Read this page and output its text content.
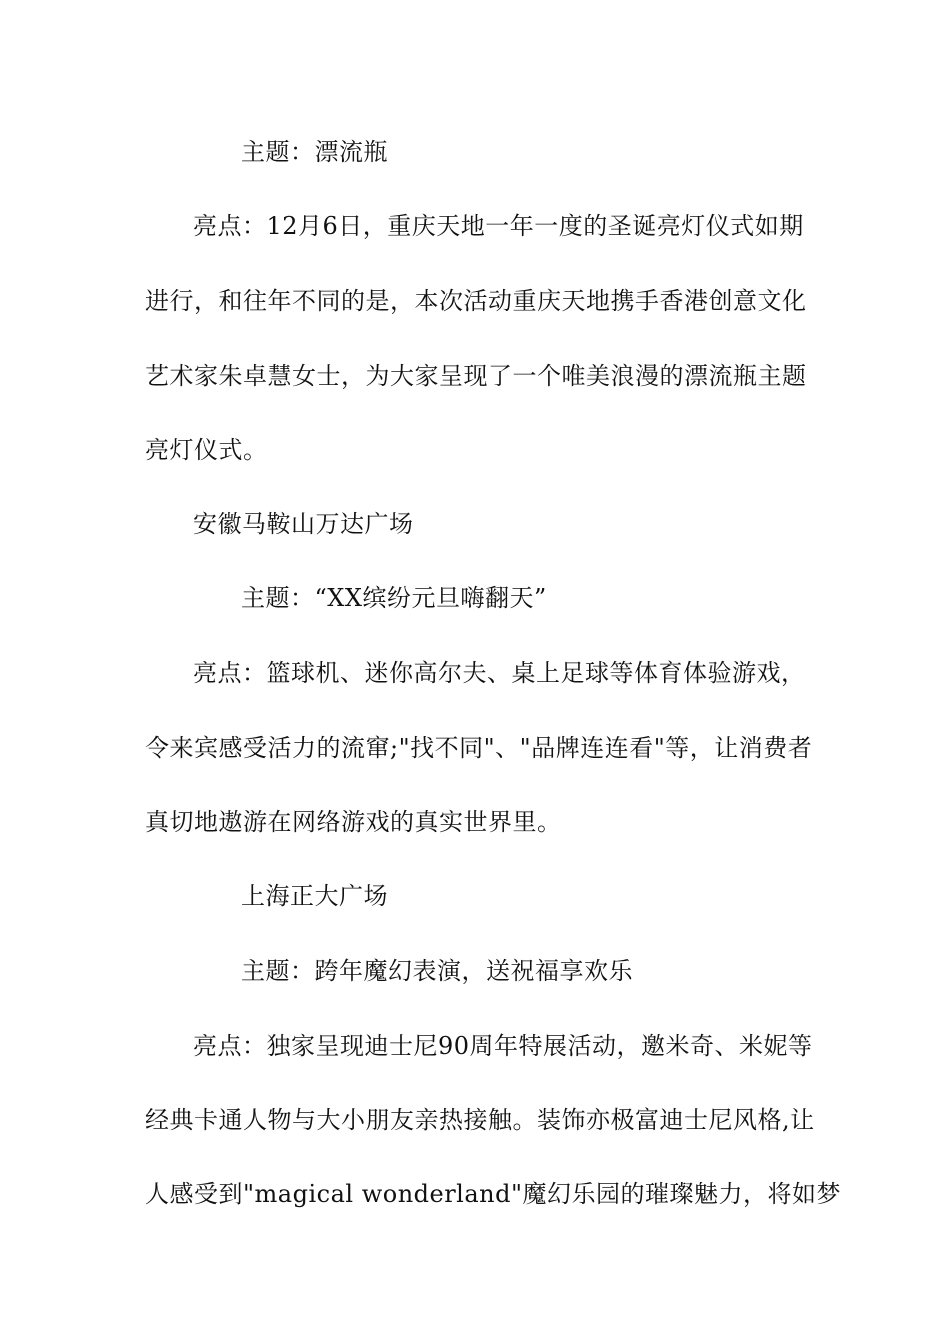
主题：漂流瓶
亮点：12月6日，重庆天地一年一度的圣诞亮灯仪式如期
进行，和往年不同的是，本次活动重庆天地携手香港创意文化
艺术家朱卓慧女士，为大家呈现了一个唯美浪漫的漂流瓶主题
亮灯仪式。
安徽马鞍山万达广场
主题：“XX缤纷元旦嗨翻天”
亮点：篮球机、迷你高尔夫、桌上足球等体育体验游戏，
令来宾感受活力的流窜;"找不同"、"品牌连连看"等，让消费者
真切地遨游在网络游戏的真实世界里。
上海正大广场
主题：跨年魔幻表演，送祝福享欢乐
亮点：独家呈现迪士尼90周年特展活动，邀米奇、米妮等
经典卡通人物与大小朋友亲热接触。装饰亦极富迪士尼风格,让
人感受到"magical wonderland"魔幻乐园的璀璨魅力，将如梦
